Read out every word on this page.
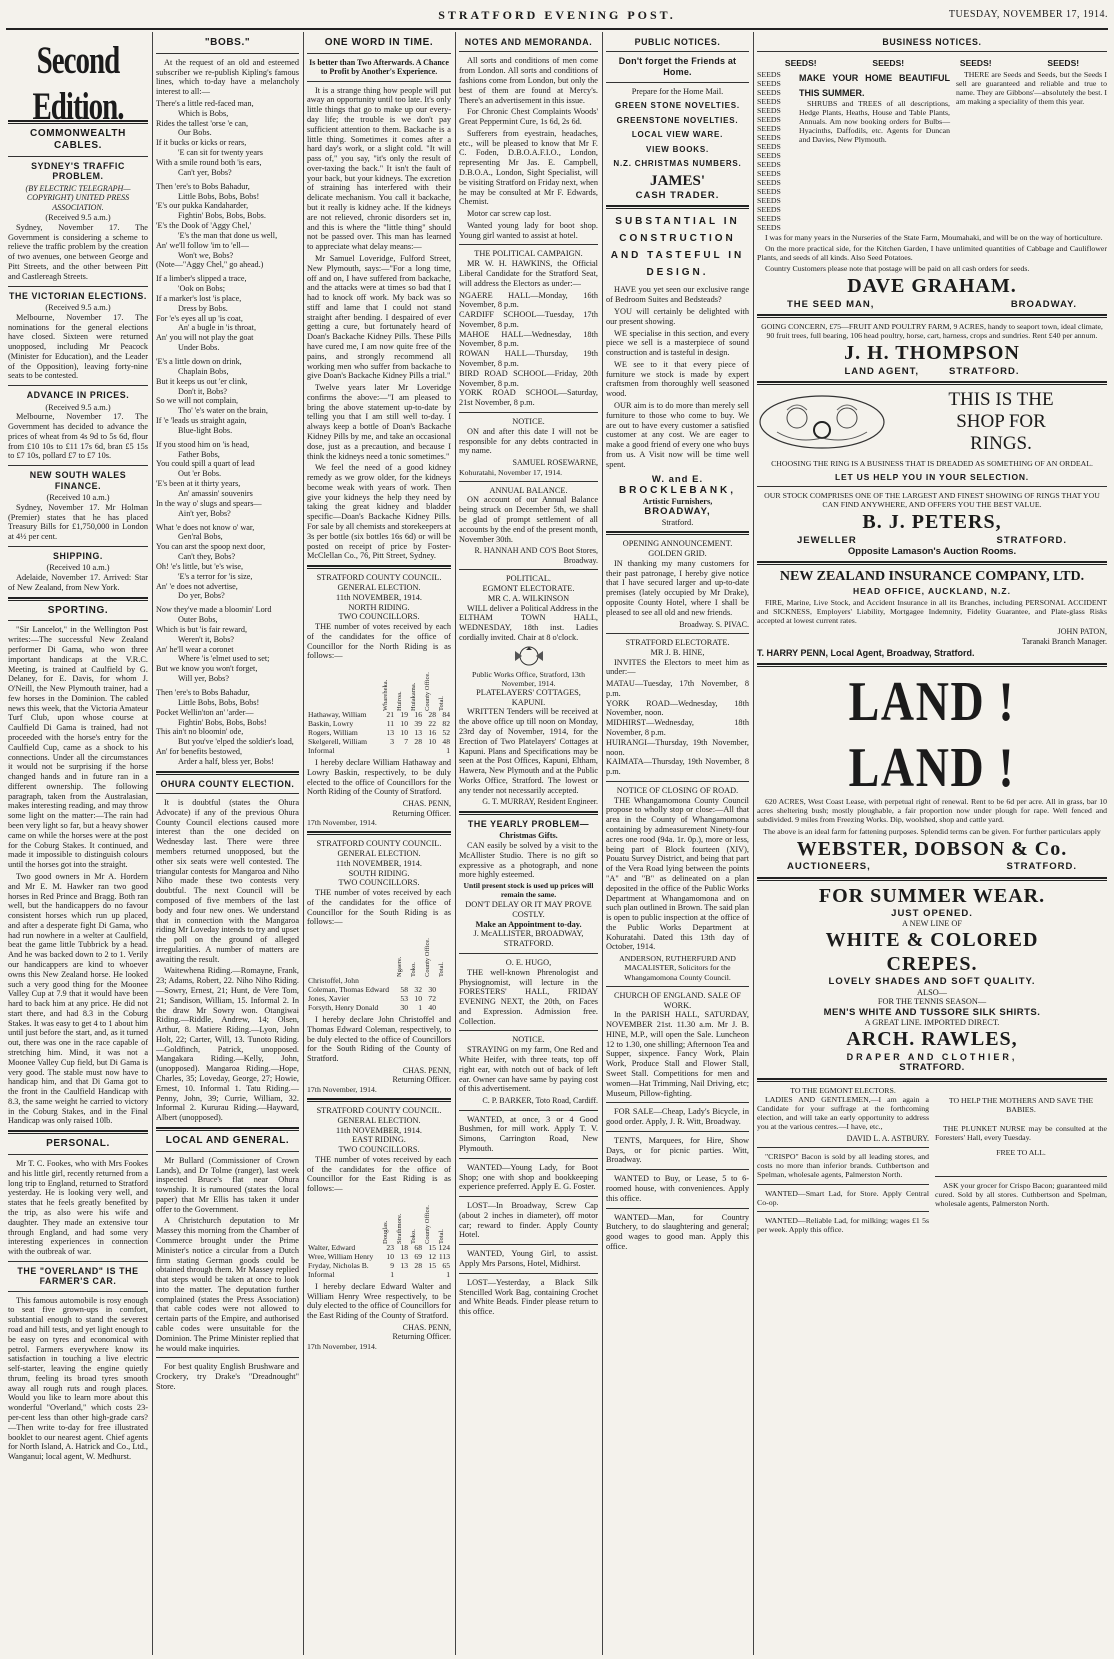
STRATFORD EVENING POST.	TUESDAY, NOVEMBER 17, 1914.
Second Edition.
COMMONWEALTH CABLES.
SYDNEY'S TRAFFIC PROBLEM.
(BY ELECTRIC TELEGRAPH—COPYRIGHT) UNITED PRESS ASSOCIATION.
(Received 9.5 a.m.)

Sydney, November 17. The Government is considering a scheme to relieve the traffic problem by the creation of two avenues, one between George and Pitt Streets, and the other between Pitt and Castlereagh Streets.

THE VICTORIAN ELECTIONS.
(Received 9.5 a.m.)

Melbourne, November 17. The nominations for the general elections have closed. Sixteen were returned unopposed, including Mr Peacock (Minister for Education), and the Leader of the Opposition), leaving forty-nine seats to be contested.

ADVANCE IN PRICES.
(Received 9.5 a.m.)

Melbourne, November 17. The Government has decided to advance the prices of wheat from 4s 9d to 5s 6d, flour from £10 10s to £11 17s 6d, bran £5 15s to £7 10s, pollard £7 to £7 10s.

NEW SOUTH WALES FINANCE.
(Received 10 a.m.)

Sydney, November 17. Mr Holman (Premier) states that he has placed Treasury Bills for £1,750,000 in London at 4½ per cent.

SHIPPING.
(Received 10 a.m.)

Adelaide, November 17. Arrived: Star of New Zealand, from New York.

SPORTING.

"Sir Lancelot," in the Wellington Post writes:—The successful New Zealand performer Di Gama, who won three important handicaps at the V.R.C. Meeting, is trained at Caulfield by G. Delaney, for E. Davis, for whom J. O'Neill, the New Plymouth trainer, had a few horses in the Dominion. The cabled news this week, that the Victoria Amateur Turf Club, upon whose course at Caulfield Di Gama is trained, had not proceeded with the horse's entry for the Caulfield Cup, came as a shock to his connections. Under all the circumstances it would not be surprising if the horse changed hands and in future ran in a different ownership. The following paragraph, taken from the Australasian, makes interesting reading, and may throw some light on the matter:—The rain had been very light so far, but a heavy shower came on while the horses were at the post for the Coburg Stakes. It continued, and made it impossible to distinguish colours until the horses got into the straight.

Two good owners in Mr A. Hordern and Mr E. M. Hawker ran two good horses in Red Prince and Bragg. Both ran well, but the handicappers do no favour consistent horses which run up placed, and after a desperate fight Di Gama, who had run nowhere in a welter at Caulfield, beat the game little Tubbrick by a head. And he was backed down to 2 to 1. Verily our handicappers are kind to whoever owns this New Zealand horse. He looked such a very good thing for the Moonee Valley Cup at 7.9 that it would have been hard to back him at any price. He did not start there, and had 8.3 in the Coburg Stakes. It was easy to get 4 to 1 about him until just before the start, and, as it turned out, there was one in the race capable of stretching him. Mind, it was not a Moonee Valley Cup field, but Di Gama is very good. The stable must now have to handicap him, and that Di Gama got to the front in the Caulfield Handicap with 8.3, the same weight he carried to victory in the Coburg Stakes, and in the Final Handicap was only raised 10lb.

PERSONAL.

Mr T. C. Fookes, who with Mrs Fookes and his little girl, recently returned from a long trip to England, returned to Stratford yesterday. He is looking very well, and states that he feels greatly benefited by the trip, as also were his wife and daughter. They made an extensive tour through England, and had some very interesting experiences in connection with the outbreak of war.

THE "OVERLAND" IS THE FARMER'S CAR.

This famous automobile is rosy enough to seat five grown-ups in comfort, substantial enough to stand the severest road and hill tests, and yet light enough to be easy on tyres and economical with petrol. Farmers everywhere know its satisfaction in touching a live electric self-starter, leaving the engine quietly thrum, feeling its broad tyres smooth away all rough ruts and rough places. Would you like to learn more about this wonderful "Overland," which costs 23-per-cent less than other high-grade cars?—Then write to-day for free illustrated booklet to our nearest agent. Chief agents for North Island, A. Hatrick and Co., Ltd., Wanganui; local agent, W. Medhurst.

"BOBS."

At the request of an old and esteemed subscriber we re-publish Kipling's famous lines, which to-day have a melancholy interest to all:—

There's a little red-faced man,
Which is Bobs,
Rides the tallest 'orse 'e can,
Our Bobs.
If it bucks or kicks or rears,
'E can sit for twenty years
With a smile round both 'is ears,
Can't yer, Bobs?
Then 'ere's to Bobs Bahadur,
Little Bobs, Bobs, Bobs!
'E's our pukka Kandaharder,
Fightin' Bobs, Bobs, Bobs.
'E's the Dook of 'Aggy Chel,'
'E's the man that done us well,
An' we'll follow 'im to 'ell—
Won't we, Bobs?
(Note—"Aggy Chel," go ahead.)
If a limber's slipped a trace,
'Ook on Bobs;
If a marker's lost 'is place,
Dress by Bobs.
For 'e's eyes all up 'is coat,
An' a bugle in 'is throat,
An' you will not play the goat
Under Bobs.
'E's a little down on drink,
Chaplain Bobs,
But it keeps us out 'er clink,
Don't it, Bobs?
So we will not complain,
Tho' 'e's water on the brain,
If 'e 'leads us straight again,
Blue-light Bobs.
If you stood him on 'is head,
Father Bobs,
You could spill a quart of lead
Out 'er Bobs.
'E's been at it thirty years,
An' amassin' souvenirs
In the way o' slugs and spears—
Ain't yer, Bobs?
What 'e does not know o' war,
Gen'ral Bobs,
You can arst the spoop next door,
Can't they, Bobs?
Oh! 'e's little, but 'e's wise,
'E's a terror for 'is size,
An' 'e does not advertise,
Do yer, Bobs?
Now they've made a bloomin' Lord
Outer Bobs,
Which is but 'is fair reward,
Weren't it, Bobs?
An' he'll wear a coronet
Where 'is 'elmet used to set;
But we know you won't forget,
Will yer, Bobs?
Then 'ere's to Bobs Bahadur,
Little Bobs, Bobs, Bobs!
Pocket Wellin'ton an' 'arder—
Fightin' Bobs, Bobs, Bobs!
This ain't no bloomin' ode,
But you've 'elped the soldier's load,
An' for benefits bestowed,
Arder a half, bless yer, Bobs!
OHURA COUNTY ELECTION.

It is doubtful (states the Ohura Advocate) if any of the previous Ohura County Council elections caused more interest than the one decided on Wednesday last. There were three members returned unopposed, but the other six seats were well contested. The triangular contests for Mangaroa and Niho Niho made these two contests very doubtful. The next Council will be composed of five members of the last body and four new ones. We understand that in connection with the Mangaroa riding Mr Loveday intends to try and upset the poll on the ground of alleged irregularities. A number of matters are awaiting the result.

Waitewhena Riding.—Romayne, Frank, 23; Adams, Robert, 22. Niho Niho Riding.—Sowry, Ernest, 21; Hunt, de Vere Tom, 21; Sandison, William, 15. Informal 2. In the draw Mr Sowry won. Otangiwai Riding.—Riddle, Andrew, 14; Olsen, Arthur, 8. Matiere Riding.—Lyon, John Holt, 22; Carter, Will, 13. Tunoto Riding.—Goldfinch, Patrick, unopposed. Mangakara Riding.—Kelly, John, (unopposed). Mangaroa Riding.—Hope, Charles, 35; Loveday, George, 27; Howie, Ernest, 10. Informal 1. Tatu Riding.—Penny, John, 39; Currie, William, 32. Informal 2. Kururau Riding.—Hayward, Albert (unopposed).

LOCAL AND GENERAL.

Mr Bullard (Commissioner of Crown Lands), and Dr Tolme (ranger), last week inspected Bruce's flat near Ohura township. It is rumoured (states the local paper) that Mr Ellis has taken it under offer to the Government.

A Christchurch deputation to Mr Massey this morning from the Chamber of Commerce brought under the Prime Minister's notice a circular from a Dutch firm stating German goods could be obtained through them. Mr Massey replied that steps would be taken at once to look into the matter. The deputation further complained (states the Press Association) that cable codes were not allowed to certain parts of the Empire, and authorised cable codes were unsuitable for the Dominion. The Prime Minister replied that he would make inquiries.

For best quality English Brushware and Crockery, try Drake's "Dreadnought" Store.

ONE WORD IN TIME.
Is better than Two Afterwards. A Chance to Profit by Another's Experience.

It is a strange thing how people will put away an opportunity until too late. It's only little things that go to make up our every-day life; the trouble is we don't pay sufficient attention to them. Backache is a little thing. Sometimes it comes after a hard day's work, or a slight cold. "It will pass of," you say, "it's only the result of over-taxing the back." It isn't the fault of your back, but your kidneys. The excretion of straining has interfered with their delicate mechanism. You call it backache, but it really is kidney ache. If the kidneys are not relieved, chronic disorders set in, and this is where the "little thing" should not be passed over. This man has learned to appreciate what delay means:—

Mr Samuel Loveridge, Fulford Street, New Plymouth, says:—"For a long time, off and on, I have suffered from backache, and the attacks were at times so bad that I had to knock off work. My back was so stiff and lame that I could not stand straight after bending. I despaired of ever getting a cure, but fortunately heard of Doan's Backache Kidney Pills. These Pills have cured me, I am now quite free of the pains, and strongly recommend all working men who suffer from backache to give Doan's Backache Kidney Pills a trial."

Twelve years later Mr Loveridge confirms the above:—"I am pleased to bring the above statement up-to-date by telling you that I am still well to-day. I always keep a bottle of Doan's Backache Kidney Pills by me, and take an occasional dose, just as a precaution, and because I think the kidneys need a tonic sometimes."

We feel the need of a good kidney remedy as we grow older, for the kidneys become weak with years of work. Then give your kidneys the help they need by taking the great kidney and bladder specific—Doan's Backache Kidney Pills. For sale by all chemists and storekeepers at 3s per bottle (six bottles 16s 6d) or will be posted on receipt of price by Foster-McClellan Co., 76, Pitt Street, Sydney.

STRATFORD COUNTY COUNCIL.
GENERAL ELECTION.
11th NOVEMBER, 1914.
NORTH RIDING.
TWO COUNCILLORS.

THE number of votes received by each of the candidates for the office of Councillor for the North Riding is as follows:—

	Whareheka.	Huiroa.	Huiakama.	County Office.	Total.

Hathaway, William	21	19	16	28	84
Baskin, Lowry	11	10	39	22	82
Rogers, William	13	10	13	16	52
Skelgerell, William	3	7	28	10	48
Informal					1

I hereby declare William Hathaway and Lowry Baskin, respectively, to be duly elected to the office of Councillors for the North Riding of the County of Stratford.

CHAS. PENN,
Returning Officer.
17th November, 1914.
STRATFORD COUNTY COUNCIL.
GENERAL ELECTION.
11th NOVEMBER, 1914.
SOUTH RIDING.
TWO COUNCILLORS.

THE number of votes received by each of the candidates for the office of Councillor for the South Riding is as follows:—

	Ngaere.	Toko.	County Office.	Total.

Christoffel, John				
Coleman, Thomas Edward	58	32	30	
Jones, Xavier	53	10	72	
Forsyth, Henry Donald	30	1	40	

I hereby declare John Christoffel and Thomas Edward Coleman, respectively, to be duly elected to the office of Councillors for the South Riding of the County of Stratford.

CHAS. PENN,
Returning Officer.
17th November, 1914.
STRATFORD COUNTY COUNCIL.
GENERAL ELECTION.
11th NOVEMBER, 1914.
EAST RIDING.
TWO COUNCILLORS.

THE number of votes received by each of the candidates for the office of Councillor for the East Riding is as follows:—

	Douglas.	Strathmore.	Toko.	County Office.	Total.

Walter, Edward	23	18	68	15	124
Wree, William Henry	10	13	69	12	113
Fryday, Nicholas B.	9	13	28	15	65
Informal	1				1

I hereby declare Edward Walter and William Henry Wree respectively, to be duly elected to the office of Councillors for the East Riding of the County of Stratford.

CHAS. PENN,
Returning Officer.
17th November, 1914.
NOTES AND MEMORANDA.

All sorts and conditions of men come from London. All sorts and conditions of fashions come from London, but only the best of them are found at Mercy's. There's an advertisement in this issue.

For Chronic Chest Complaints Woods' Great Peppermint Cure, 1s 6d, 2s 6d.

Sufferers from eyestrain, headaches, etc., will be pleased to know that Mr F. C. Foden, D.B.O.A.F.I.O., London, representing Mr Jas. E. Campbell, D.B.O.A., London, Sight Specialist, will be visiting Stratford on Friday next, when he may be consulted at Mr F. Edwards, Chemist.

Motor car screw cap lost.

Wanted young lady for boot shop. Young girl wanted to assist at hotel.

THE POLITICAL CAMPAIGN.

MR W. H. HAWKINS, the Official Liberal Candidate for the Stratford Seat, will address the Electors as under:—

NGAERE HALL—Monday, 16th November, 8 p.m.
CARDIFF SCHOOL—Tuesday, 17th November, 8 p.m.
MAHOE HALL—Wednesday, 18th November, 8 p.m.
ROWAN HALL—Thursday, 19th November, 8 p.m.
BIRD ROAD SCHOOL—Friday, 20th November, 8 p.m.
YORK ROAD SCHOOL—Saturday, 21st November, 8 p.m.
NOTICE.

ON and after this date I will not be responsible for any debts contracted in my name.

SAMUEL ROSEWARNE,
Kohuratahi, November 17, 1914.
ANNUAL BALANCE.

ON account of our Annual Balance being struck on December 5th, we shall be glad of prompt settlement of all accounts by the end of the present month, November 30th.

R. HANNAH AND CO'S Boot Stores, Broadway.
POLITICAL.
EGMONT ELECTORATE.
MR C. A. WILKINSON

WILL deliver a Political Address in the ELTHAM TOWN HALL, WEDNESDAY, 18th inst. Ladies cordially invited. Chair at 8 o'clock.

Public Works Office, Stratford, 13th November, 1914.
PLATELAYERS' COTTAGES, KAPUNI.

WRITTEN Tenders will be received at the above office up till noon on Monday, 23rd day of November, 1914, for the Erection of Two Platelayers' Cottages at Kapuni. Plans and Specifications may be seen at the Post Offices, Kapuni, Eltham, Hawera, New Plymouth and at the Public Works Office, Stratford. The lowest or any tender not necessarily accepted.

G. T. MURRAY, Resident Engineer.
THE YEARLY PROBLEM—
Christmas Gifts.

CAN easily be solved by a visit to the McAllister Studio. There is no gift so expressive as a photograph, and none more highly esteemed.

Until present stock is used up prices will remain the same.
DON'T DELAY OR IT MAY PROVE COSTLY.
Make an Appointment to-day.
J. McALLISTER, BROADWAY, STRATFORD.
O. E. HUGO,

THE well-known Phrenologist and Physiognomist, will lecture in the FORESTERS' HALL, FRIDAY EVENING NEXT, the 20th, on Faces and Expression. Admission free. Collection.

NOTICE.

STRAYING on my farm, One Red and White Heifer, with three teats, top off right ear, with notch out of back of left ear. Owner can have same by paying cost of this advertisement.

C. P. BARKER, Toto Road, Cardiff.

WANTED, at once, 3 or 4 Good Bushmen, for mill work. Apply T. V. Simons, Carrington Road, New Plymouth.

WANTED—Young Lady, for Boot Shop; one with shop and bookkeeping experience preferred. Apply E. G. Foster.

LOST—In Broadway, Screw Cap (about 2 inches in diameter), off motor car; reward to finder. Apply County Hotel.

WANTED, Young Girl, to assist. Apply Mrs Parsons, Hotel, Midhirst.

LOST—Yesterday, a Black Silk Stencilled Work Bag, containing Crochet and White Beads. Finder please return to this office.

PUBLIC NOTICES.
Don't forget the Friends at Home.
Prepare for the Home Mail.
GREEN STONE NOVELTIES.
GREENSTONE NOVELTIES.
LOCAL VIEW WARE.
VIEW BOOKS.
N.Z. CHRISTMAS NUMBERS.
JAMES'
CASH TRADER.
SUBSTANTIAL IN CONSTRUCTION AND TASTEFUL IN DESIGN.

HAVE you yet seen our exclusive range of Bedroom Suites and Bedsteads?

YOU will certainly be delighted with our present showing.

WE specialise in this section, and every piece we sell is a masterpiece of sound construction and is tasteful in design.

WE see to it that every piece of furniture we stock is made by expert craftsmen from thoroughly well seasoned wood.

OUR aim is to do more than merely sell furniture to those who come to buy. We are out to have every customer a satisfied customer at any cost. We are eager to make a good friend of every one who buys from us. A Visit now will be time well spent.

W. and E.
BROCKLEBANK,
Artistic Furnishers,
BROADWAY,
Stratford.
OPENING ANNOUNCEMENT.
GOLDEN GRID.

IN thanking my many customers for their past patronage, I hereby give notice that I have secured larger and up-to-date premises (lately occupied by Mr Drake), opposite County Hotel, where I shall be pleased to see all old and new friends.

Broadway. S. PIVAC.
STRATFORD ELECTORATE.
MR J. B. HINE,

INVITES the Electors to meet him as under:—

MATAU—Tuesday, 17th November, 8 p.m.
YORK ROAD—Wednesday, 18th November, noon.
MIDHIRST—Wednesday, 18th November, 8 p.m.
HUIRANGI—Thursday, 19th November, noon.
KAIMATA—Thursday, 19th November, 8 p.m.
NOTICE OF CLOSING OF ROAD.

THE Whangamomona County Council propose to wholly stop or close:—All that area in the County of Whangamomona containing by admeasurement Ninety-four acres one rood (94a. 1r. 0p.), more or less, being part of Block fourteen (XIV), Pouatu Survey District, and being that part of the Vera Road lying between the points "A" and "B" as delineated on a plan deposited in the office of the Public Works Department at Whangamomona and on such plan outlined in Brown. The said plan is open to public inspection at the office of the Public Works Department at Kohuratahi. Dated this 13th day of October, 1914.

ANDERSON, RUTHERFURD AND MACALISTER, Solicitors for the Whangamomona County Council.
CHURCH OF ENGLAND. SALE OF WORK.

In the PARISH HALL, SATURDAY, NOVEMBER 21st. 11.30 a.m. Mr J. B. HINE, M.P., will open the Sale. Luncheon 12 to 1.30, one shilling; Afternoon Tea and Supper, sixpence. Fancy Work, Plain Work, Produce Stall and Flower Stall, Sweet Stall. Competitions for men and women—Hat Trimming, Nail Driving, etc; Museum, Pillow-fighting.

FOR SALE—Cheap, Lady's Bicycle, in good order. Apply, J. R. Witt, Broadway.

TENTS, Marquees, for Hire, Show Days, or for picnic parties. Witt, Broadway.

WANTED to Buy, or Lease, 5 to 6-roomed house, with conveniences. Apply this office.

WANTED—Man, for Country Butchery, to do slaughtering and general; good wages to good man. Apply this office.

BUSINESS NOTICES.
SEEDS!	SEEDS!	SEEDS!	SEEDS!
SEEDS
SEEDS
SEEDS
SEEDS
SEEDS
SEEDS
SEEDS
SEEDS
SEEDS
SEEDS
SEEDS
SEEDS
SEEDS
SEEDS
SEEDS
SEEDS
SEEDS
SEEDS
MAKE YOUR HOME BEAUTIFUL THIS SUMMER.

SHRUBS and TREES of all descriptions, Hedge Plants, Heaths, House and Table Plants, Annuals. Am now booking orders for Bulbs—Hyacinths, Daffodils, etc. Agents for Duncan and Davies, New Plymouth.

THERE are Seeds and Seeds, but the Seeds I sell are guaranteed and reliable and true to name. They are Gibbons'—absolutely the best. I am making a speciality of them this year.

I was for many years in the Nurseries of the State Farm, Moumahaki, and will be on the way of horticulture.

On the more practical side, for the Kitchen Garden, I have unlimited quantities of Cabbage and Cauliflower Plants, and seeds of all kinds. Also Seed Potatoes.

Country Customers please note that postage will be paid on all cash orders for seeds.

DAVE GRAHAM.
THE SEED MAN,	BROADWAY.

GOING CONCERN, £75—FRUIT AND POULTRY FARM, 9 ACRES, handy to seaport town, ideal climate, 90 fruit trees, full bearing, 106 head poultry, horse, cart, harness, crops and sundries. Rent £40 per annum.

J. H. THOMPSON
LAND AGENT,	STRATFORD.
THIS IS THE
SHOP FOR
RINGS.

CHOOSING THE RING IS A BUSINESS THAT IS DREADED AS SOMETHING OF AN ORDEAL.

LET US HELP YOU IN YOUR SELECTION.

OUR STOCK COMPRISES ONE OF THE LARGEST AND FINEST SHOWING OF RINGS THAT YOU CAN FIND ANYWHERE, AND OFFERS YOU THE BEST VALUE.

B. J. PETERS,
JEWELLER	STRATFORD.
Opposite Lamason's Auction Rooms.
NEW ZEALAND INSURANCE COMPANY, LTD.
HEAD OFFICE, AUCKLAND, N.Z.

FIRE, Marine, Live Stock, and Accident Insurance in all its Branches, including PERSONAL ACCIDENT and SICKNESS, Employers' Liability, Mortgagee Indemnity, Fidelity Guarantee, and Plate-glass Risks accepted at lowest current rates.

JOHN PATON,
Taranaki Branch Manager.
T. HARRY PENN, Local Agent, Broadway, Stratford.
LAND ! LAND !

620 ACRES, West Coast Lease, with perpetual right of renewal. Rent to be 6d per acre. All in grass, bar 10 acres sheltering bush; mostly ploughable, a fair proportion now under plough for rape. Well fenced and subdivided. 9 miles from Freezing Works. Dip, woolshed, shop and cattle yard.

The above is an ideal farm for fattening purposes. Splendid terms can be given. For further particulars apply

WEBSTER, DOBSON & Co.
AUCTIONEERS,	STRATFORD.
FOR SUMMER WEAR.
JUST OPENED.
A NEW LINE OF
WHITE & COLORED
CREPES.
LOVELY SHADES AND SOFT QUALITY.
ALSO—
FOR THE TENNIS SEASON—
MEN'S WHITE AND TUSSORE SILK SHIRTS.
A GREAT LINE. IMPORTED DIRECT.
ARCH. RAWLES,
DRAPER AND CLOTHIER,
STRATFORD.
TO THE EGMONT ELECTORS.

LADIES AND GENTLEMEN,—I am again a Candidate for your suffrage at the forthcoming election, and will take an early opportunity to address you at the various centres.—I have, etc.,

DAVID L. A. ASTBURY.

"CRISPO" Bacon is sold by all leading stores, and costs no more than inferior brands. Cuthbertson and Spelman, wholesale agents, Palmerston North.

WANTED—Smart Lad, for Store. Apply Central Co-op.

WANTED—Reliable Lad, for milking; wages £1 5s per week. Apply this office.

TO HELP THE MOTHERS AND SAVE THE BABIES.

THE PLUNKET NURSE may be consulted at the Foresters' Hall, every Tuesday.

FREE TO ALL.

ASK your grocer for Crispo Bacon; guaranteed mild cured. Sold by all stores. Cuthbertson and Spelman, wholesale agents, Palmerston North.
